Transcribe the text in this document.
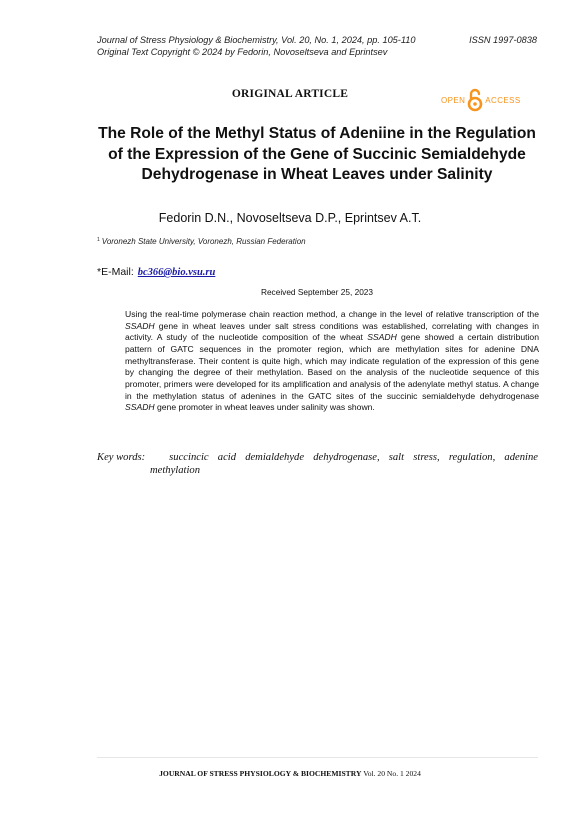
Journal of Stress Physiology & Biochemistry, Vol. 20, No. 1, 2024, pp. 105-110	ISSN 1997-0838
Original Text Copyright © 2024 by Fedorin, Novoseltseva and Eprintsev
ORIGINAL ARTICLE	OPEN	ACCESS
The Role of the Methyl Status of Adeniine in the Regulation
of the Expression of the Gene of Succinic Semialdehyde
Dehydrogenase in Wheat Leaves under Salinity
Fedorin D.N., Novoseltseva D.P., Eprintsev A.T.
$^1$ Voronezh State University, Voronezh, Russian Federation
*E-Mail: bc366@bio.vsu.ru
Received September 25, 2023

Using the real-time polymerase chain reaction method, a change in the level of relative transcription of the SSADH gene in wheat leaves under salt stress conditions was established, correlating with changes in activity. A study of the nucleotide composition of the wheat SSADH gene showed a certain distribution pattern of GATC sequences in the promoter region, which are methylation sites for adenine DNA methyltransferase. Their content is quite high, which may indicate regulation of the expression of this gene by changing the degree of their methylation. Based on the analysis of the nucleotide sequence of this promoter, primers were developed for its amplification and analysis of the adenylate methyl status. A change in the methylation status of adenines in the GATC sites of the succinic semialdehyde dehydrogenase SSADH gene promoter in wheat leaves under salinity was shown.

Key words:	succincic acid demialdehyde dehydrogenase, salt stress, regulation, adenine
methylation
JOURNAL OF STRESS PHYSIOLOGY & BIOCHEMISTRY Vol. 20 No. 1 2024
